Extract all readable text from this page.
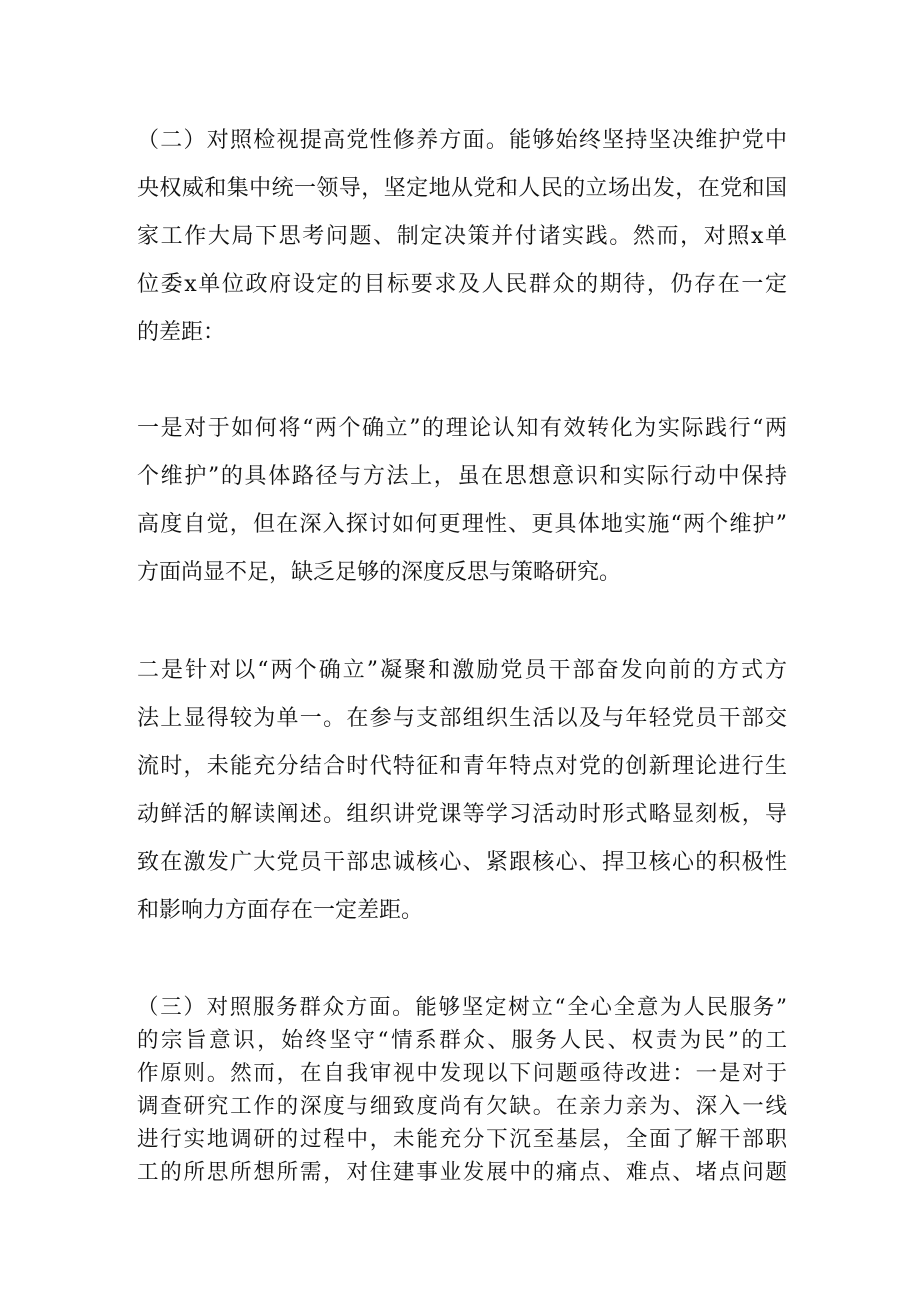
（二）对照检视提高党性修养方面。能够始终坚持坚决维护党中
央权威和集中统一领导，坚定地从党和人民的立场出发，在党和国
家工作大局下思考问题、制定决策并付诸实践。然而，对照x单
位委x单位政府设定的目标要求及人民群众的期待，仍存在一定
的差距：
一是对于如何将“两个确立”的理论认知有效转化为实际践行“两
个维护”的具体路径与方法上，虽在思想意识和实际行动中保持
高度自觉，但在深入探讨如何更理性、更具体地实施“两个维护”
方面尚显不足，缺乏足够的深度反思与策略研究。
二是针对以“两个确立”凝聚和激励党员干部奋发向前的方式方
法上显得较为单一。在参与支部组织生活以及与年轻党员干部交
流时，未能充分结合时代特征和青年特点对党的创新理论进行生
动鲜活的解读阐述。组织讲党课等学习活动时形式略显刻板，导
致在激发广大党员干部忠诚核心、紧跟核心、捍卫核心的积极性
和影响力方面存在一定差距。
（三）对照服务群众方面。能够坚定树立“全心全意为人民服务”
的宗旨意识，始终坚守“情系群众、服务人民、权责为民”的工
作原则。然而，在自我审视中发现以下问题亟待改进：一是对于
调查研究工作的深度与细致度尚有欠缺。在亲力亲为、深入一线
进行实地调研的过程中，未能充分下沉至基层，全面了解干部职
工的所思所想所需，对住建事业发展中的痛点、难点、堵点问题
